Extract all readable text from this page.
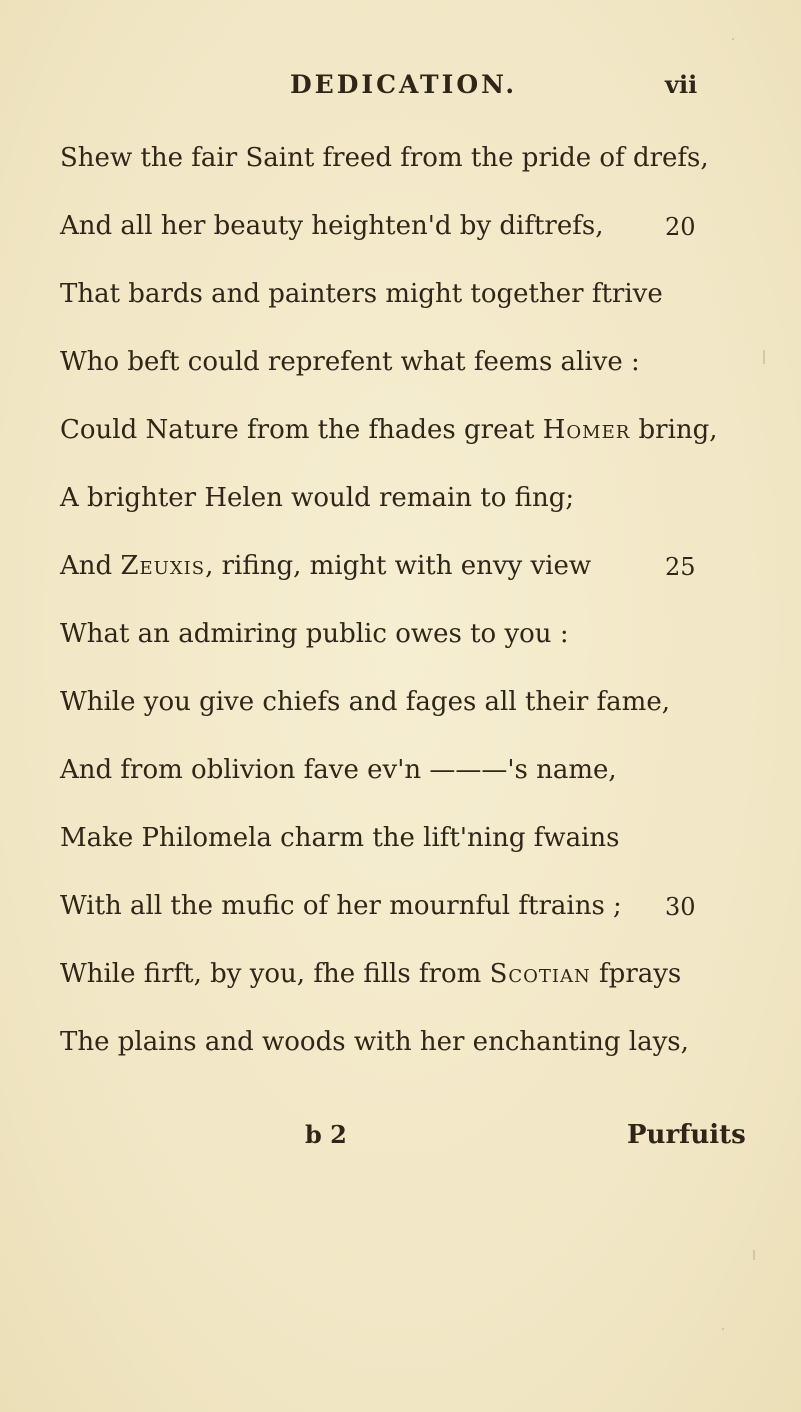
DEDICATION.	vii
Shew the fair Saint freed from the pride of drefs,
And all her beauty heighten'd by diftrefs,	20
That bards and painters might together ftrive
Who beft could reprefent what feems alive :
Could Nature from the fhades great Homer bring,
A brighter Helen would remain to fing;
And Zeuxis, rifing, might with envy view	25
What an admiring public owes to you :
While you give chiefs and fages all their fame,
And from oblivion fave ev'n ———'s name,
Make Philomela charm the lift'ning fwains
With all the mufic of her mournful ftrains ; 30
While firft, by you, fhe fills from Scotian fprays
The plains and woods with her enchanting lays,
b 2	Purfuits
